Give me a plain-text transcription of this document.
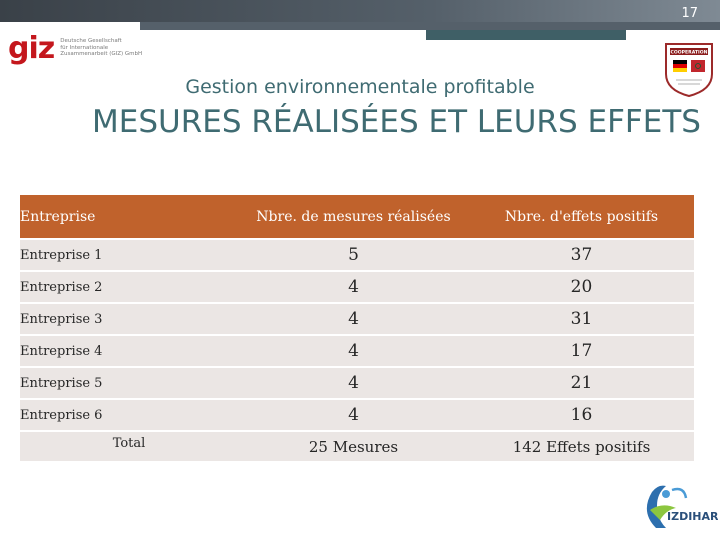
17
giz Deutsche Gesellschaft
für Internationale
Zusammenarbeit (GIZ) GmbH	COOPERATION
Gestion environnementale profitable
MESURES RÉALISÉES ET LEURS EFFETS
Entreprise	Nbre. de mesures réalisées	Nbre. d'effets positifs
Entreprise 1	5	37
Entreprise 2	4	20
Entreprise 3	4	31
Entreprise 4	4	17
Entreprise 5	4	21
Entreprise 6	4	16
Total	25 Mesures	142 Effets positifs
IZDIHAR
